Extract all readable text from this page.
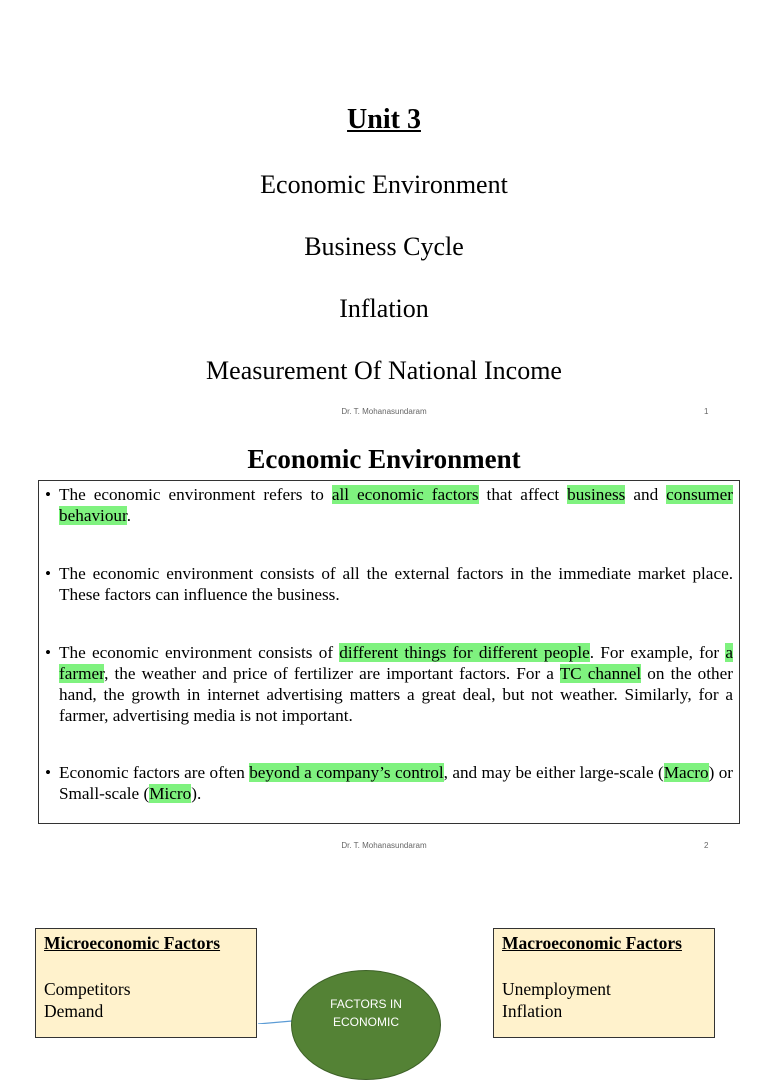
Unit 3
Economic Environment
Business Cycle
Inflation
Measurement Of National Income
Dr. T. Mohanasundaram	1
Economic Environment
• The economic environment refers to all economic factors that affect business and consumer behaviour.
• The economic environment consists of all the external factors in the immediate market place. These factors can influence the business.
• The economic environment consists of different things for different people. For example, for a farmer, the weather and price of fertilizer are important factors. For a TC channel on the other hand, the growth in internet advertising matters a great deal, but not weather. Similarly, for a farmer, advertising media is not important.
• Economic factors are often beyond a company’s control, and may be either large-scale (Macro) or Small-scale (Micro).
Dr. T. Mohanasundaram	2
Microeconomic Factors
Competitors
Demand
Macroeconomic Factors
Unemployment
Inflation
FACTORS IN
ECONOMIC
